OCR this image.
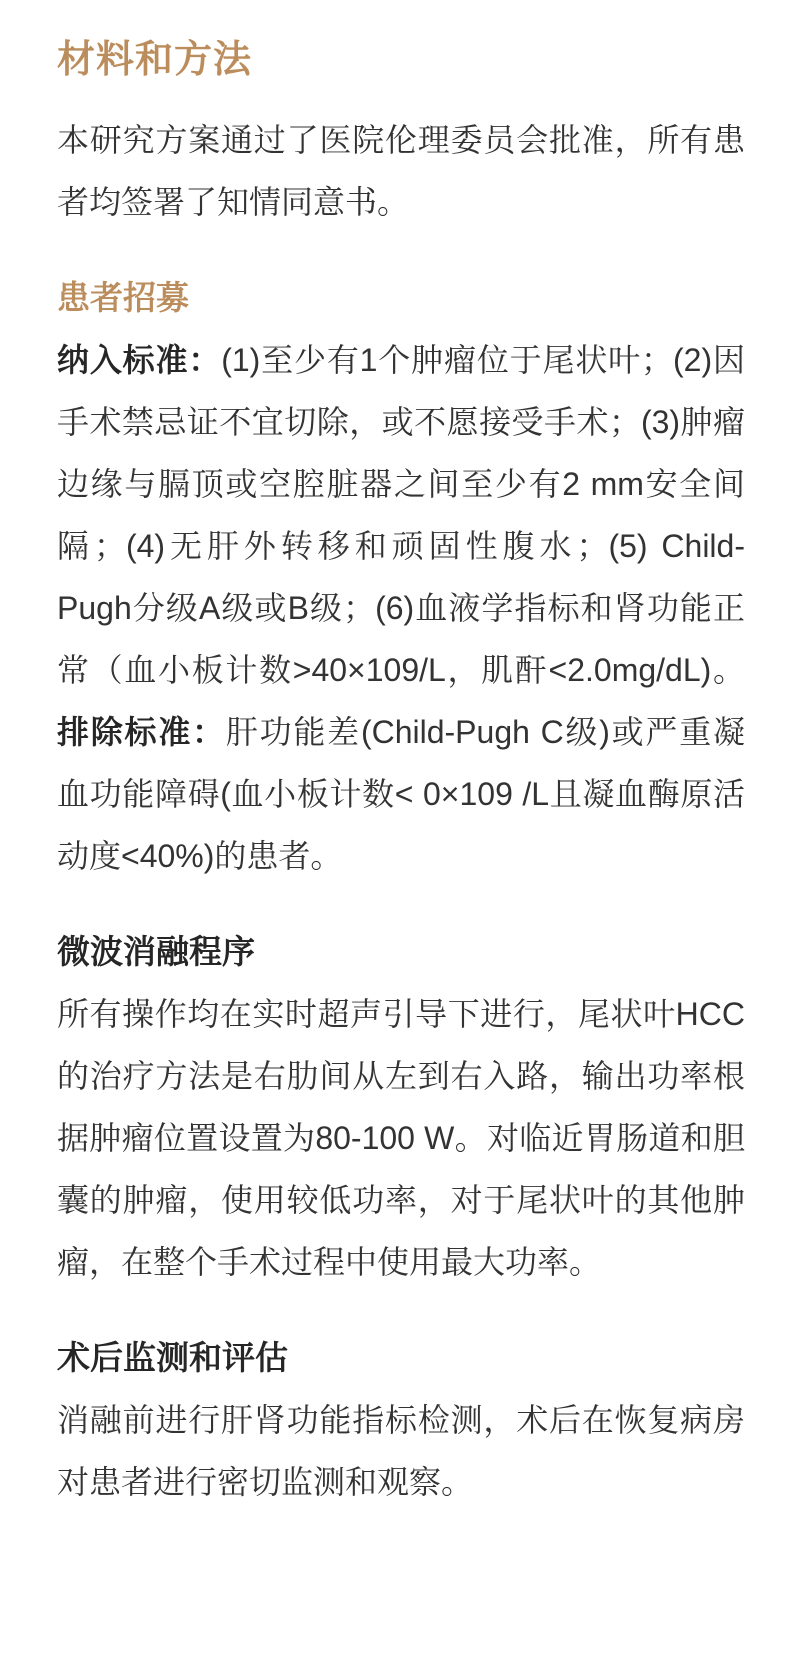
材料和方法

本研究方案通过了医院伦理委员会批准，所有患者均签署了知情同意书。

患者招募

纳入标准：(1)至少有1个肿瘤位于尾状叶；(2)因手术禁忌证不宜切除，或不愿接受手术；(3)肿瘤边缘与膈顶或空腔脏器之间至少有2 mm安全间隔；(4)无肝外转移和顽固性腹水；(5) Child-Pugh分级A级或B级；(6)血液学指标和肾功能正常（血小板计数>40×109/L，肌酐<2.0mg/dL)。排除标准：肝功能差(Child-Pugh C级)或严重凝血功能障碍(血小板计数< 0×109 /L且凝血酶原活动度<40%)的患者。

微波消融程序

所有操作均在实时超声引导下进行，尾状叶HCC的治疗方法是右肋间从左到右入路，输出功率根据肿瘤位置设置为80-100 W。对临近胃肠道和胆囊的肿瘤，使用较低功率，对于尾状叶的其他肿瘤，在整个手术过程中使用最大功率。

术后监测和评估

消融前进行肝肾功能指标检测，术后在恢复病房对患者进行密切监测和观察。
